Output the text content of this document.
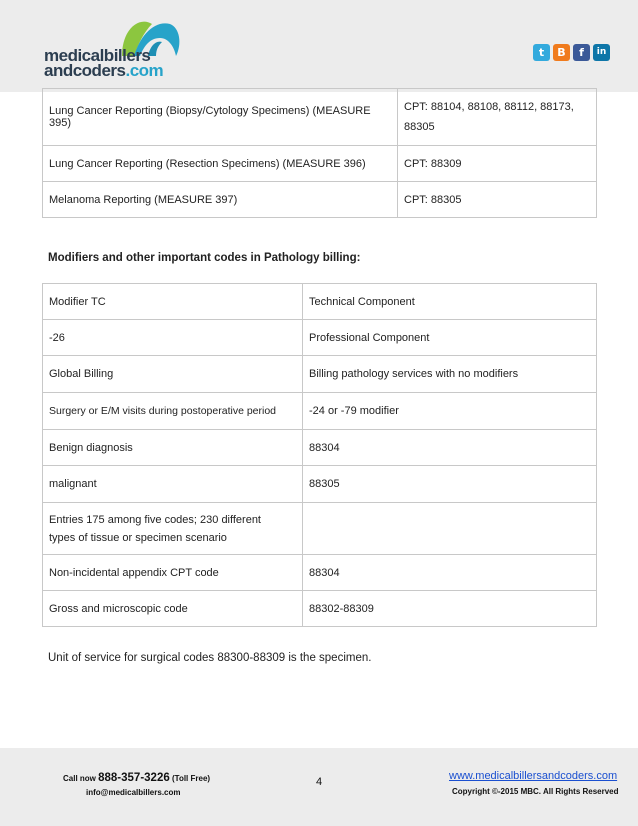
medicalbillers
andcoders.com
t	B	f	in
Lung Cancer Reporting (Biopsy/Cytology Specimens) (MEASURE 395)	CPT: 88104, 88108, 88112, 88173, 88305
Lung Cancer Reporting (Resection Specimens) (MEASURE 396)	CPT: 88309
Melanoma Reporting (MEASURE 397)	CPT: 88305
Modifiers and other important codes in Pathology billing:
Modifier TC	Technical Component
-26	Professional Component
Global Billing	Billing pathology services with no modifiers
Surgery or E/M visits during postoperative period	-24 or -79 modifier
Benign diagnosis	88304
malignant	88305
Entries 175 among five codes; 230 different types of tissue or specimen scenario	
Non-incidental appendix CPT code	88304
Gross and microscopic code	88302-88309
Unit of service for surgical codes 88300-88309 is the specimen.
Call now 888-357-3226 (Toll Free)
info@medicalbillers.com
4	www.medicalbillersandcoders.com
Copyright ©-2015 MBC. All Rights Reserved
